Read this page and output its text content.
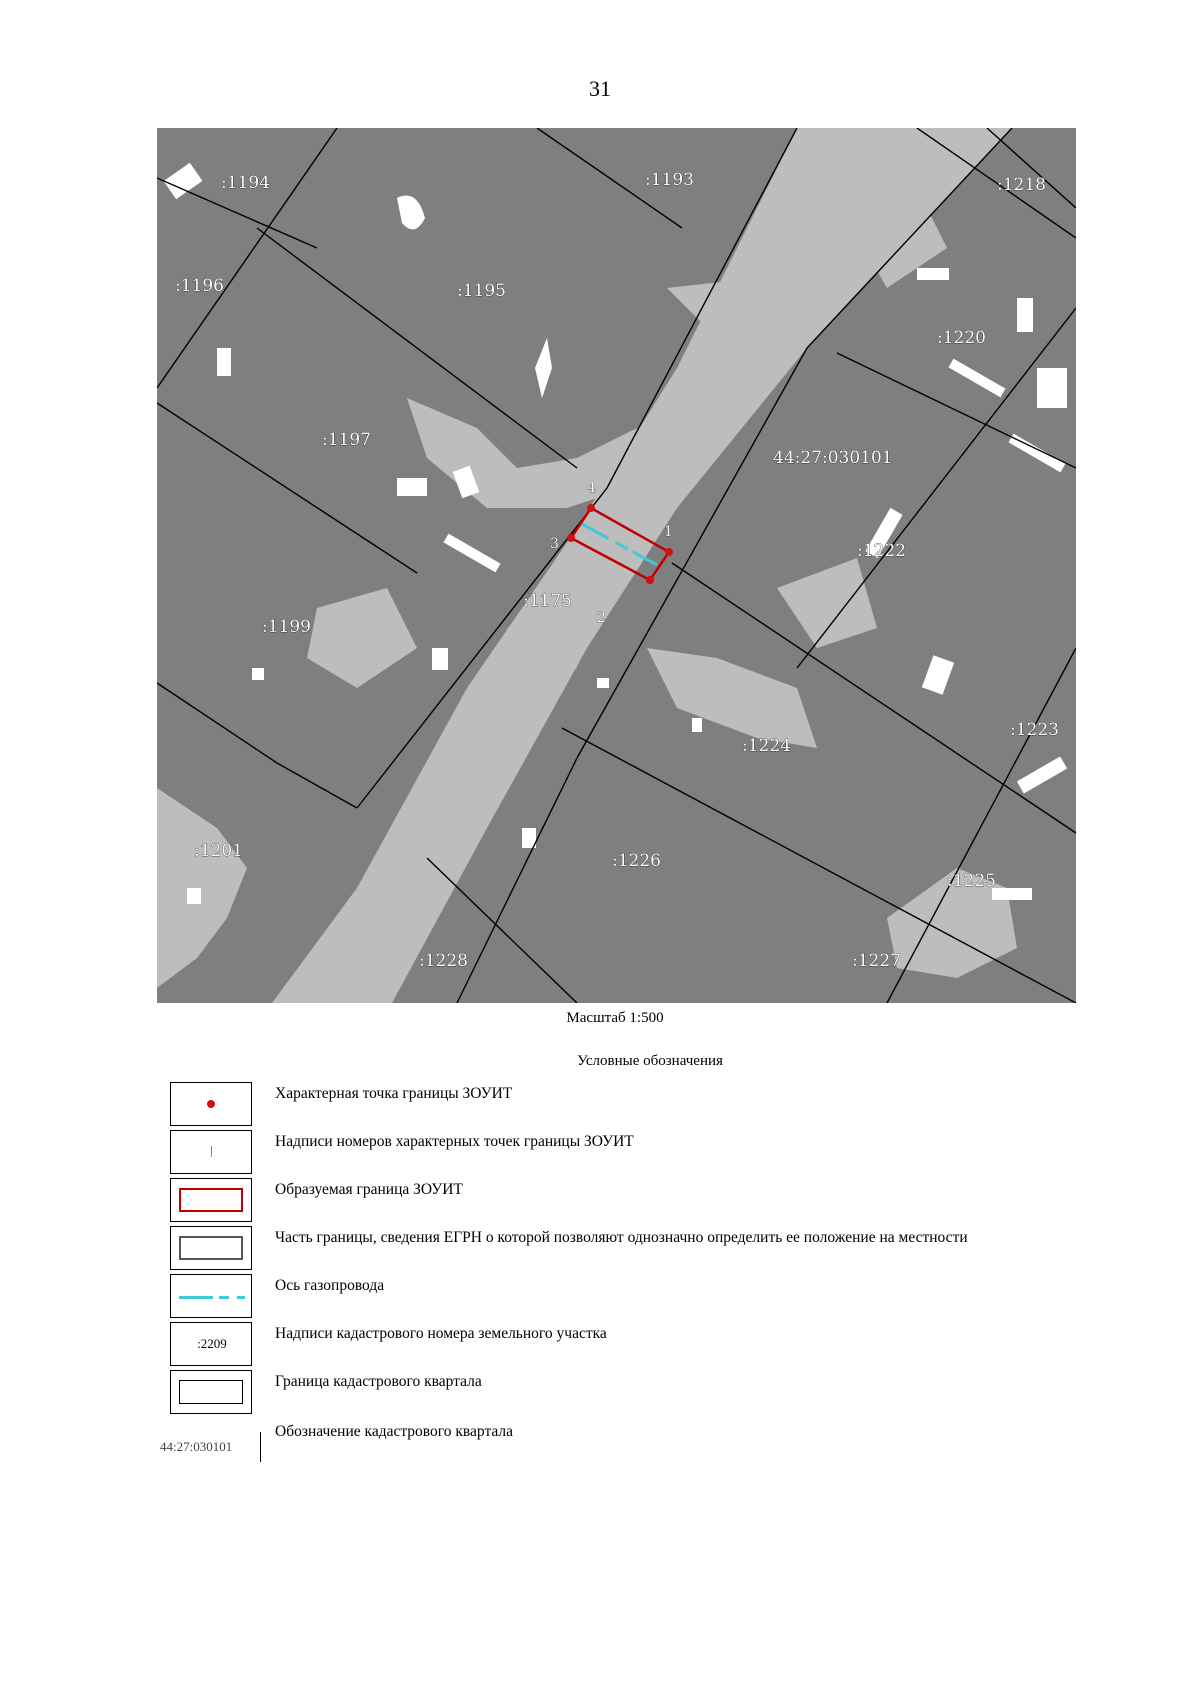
31
:1194	:1193	:1218
:1196	:1195
:1220
:1197
:1222
:1175
:1199
:1223
:1224
:1201	:1226
:1225
:1228	:1227
44:27:030101
1
2
3
4
Масштаб 1:500
Условные обозначения
Характерная точка границы ЗОУИТ
Надписи номеров характерных точек границы ЗОУИТ
Образуемая граница ЗОУИТ
Часть границы, сведения ЕГРН о которой позволяют однозначно определить ее положение на местности
Ось газопровода
:2209
Надписи кадастрового номера земельного участка
Граница кадастрового квартала
44:27:030101
Обозначение кадастрового квартала
